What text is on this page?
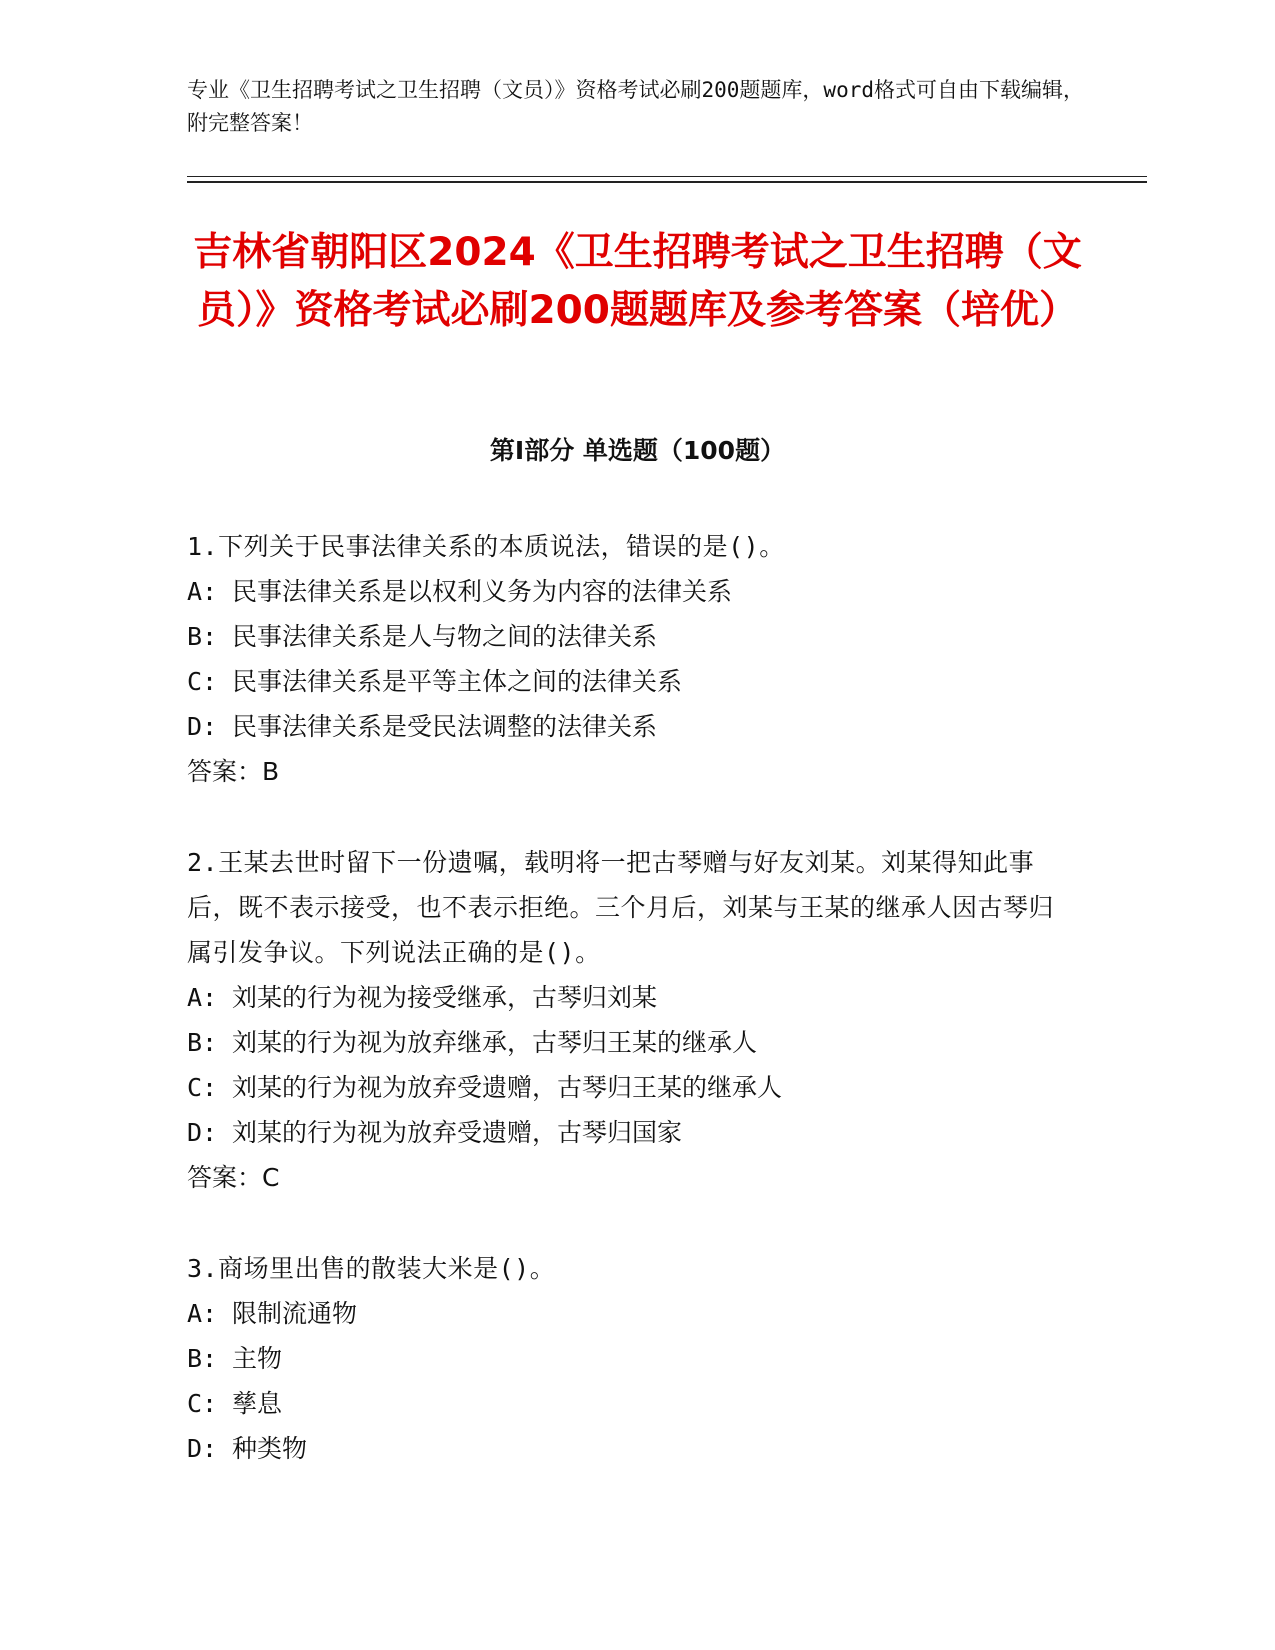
专业《卫生招聘考试之卫生招聘（文员）》资格考试必刷200题题库，word格式可自由下载编辑，附完整答案！
吉林省朝阳区2024《卫生招聘考试之卫生招聘（文员）》资格考试必刷200题题库及参考答案（培优）
第Ⅰ部分 单选题（100题）

1.下列关于民事法律关系的本质说法，错误的是()。

A: 民事法律关系是以权利义务为内容的法律关系

B: 民事法律关系是人与物之间的法律关系

C: 民事法律关系是平等主体之间的法律关系

D: 民事法律关系是受民法调整的法律关系

答案：B

2.王某去世时留下一份遗嘱，载明将一把古琴赠与好友刘某。刘某得知此事后，既不表示接受，也不表示拒绝。三个月后，刘某与王某的继承人因古琴归属引发争议。下列说法正确的是()。

A: 刘某的行为视为接受继承，古琴归刘某

B: 刘某的行为视为放弃继承，古琴归王某的继承人

C: 刘某的行为视为放弃受遗赠，古琴归王某的继承人

D: 刘某的行为视为放弃受遗赠，古琴归国家

答案：C

3.商场里出售的散装大米是()。

A: 限制流通物

B: 主物

C: 孳息

D: 种类物
